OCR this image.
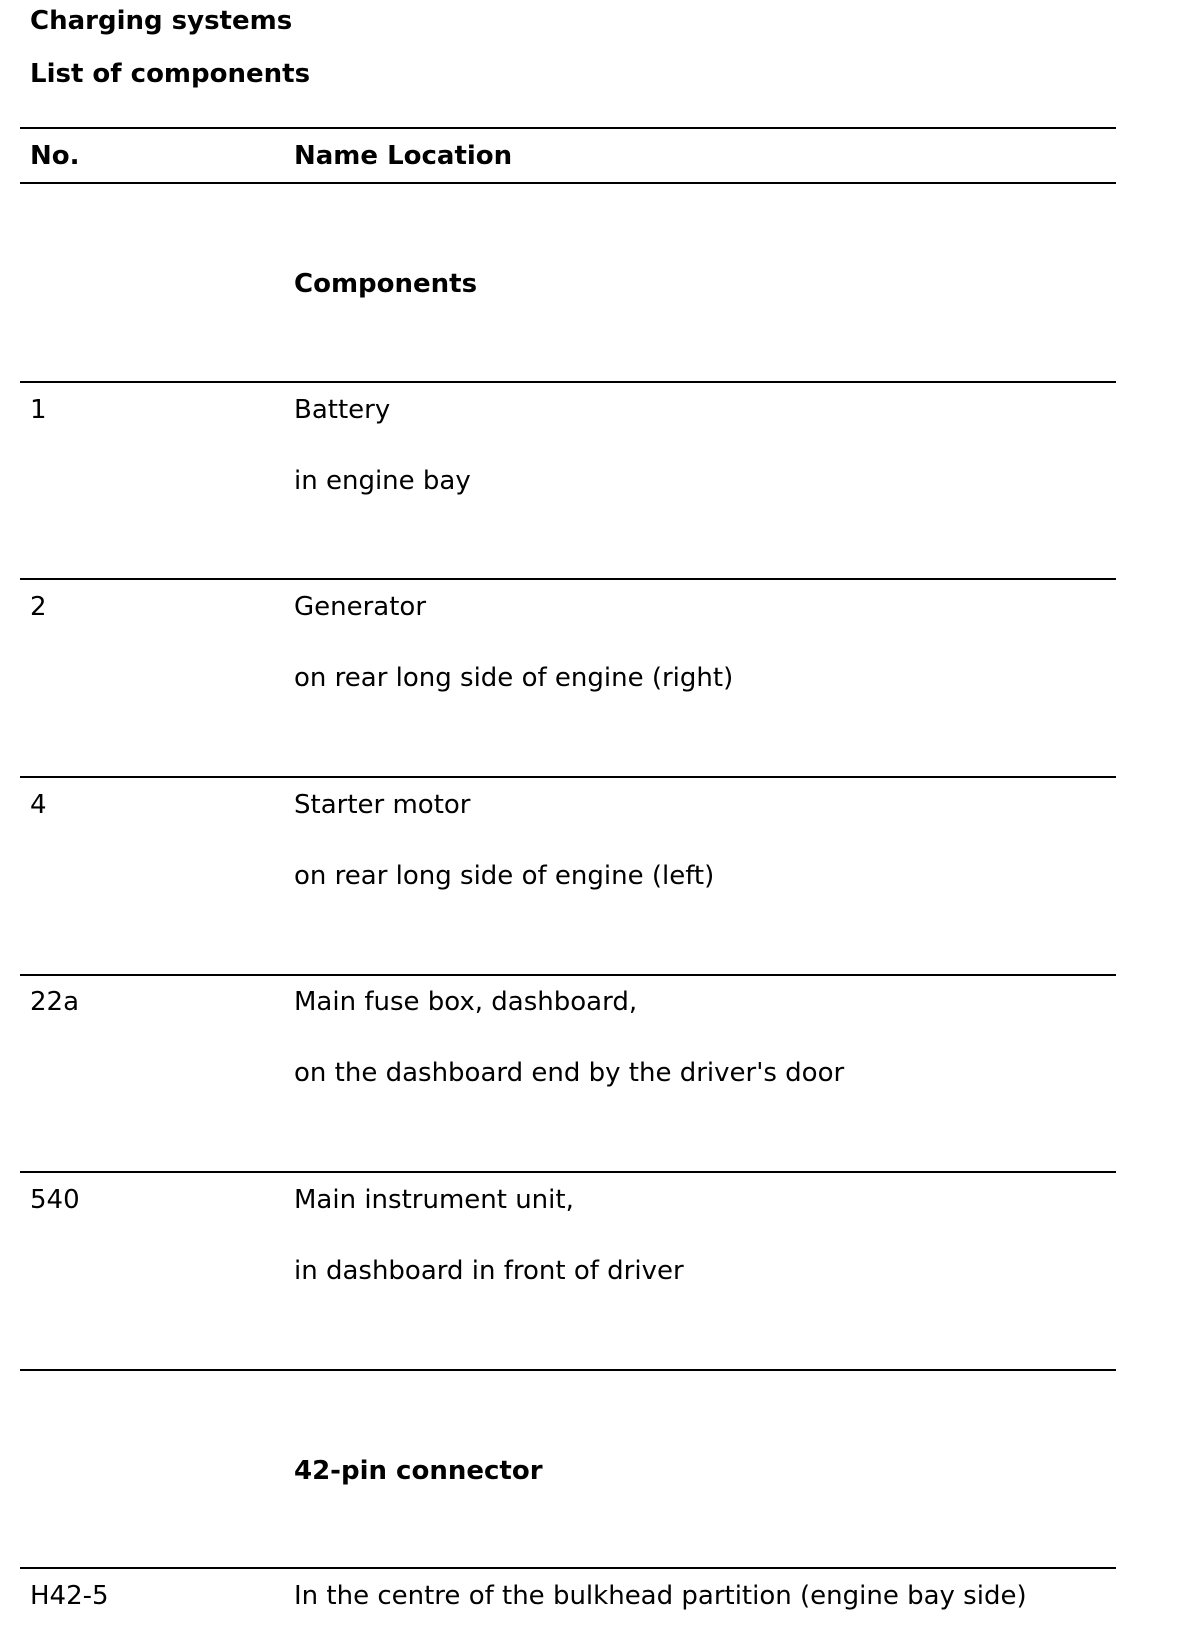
Charging systems
List of components
No.	Name Location
Components
1	Battery
in engine bay
2	Generator
on rear long side of engine (right)
4	Starter motor
on rear long side of engine (left)
22a	Main fuse box, dashboard,
on the dashboard end by the driver's door
540	Main instrument unit,
in dashboard in front of driver
42-pin connector
H42-5	In the centre of the bulkhead partition (engine bay side)
